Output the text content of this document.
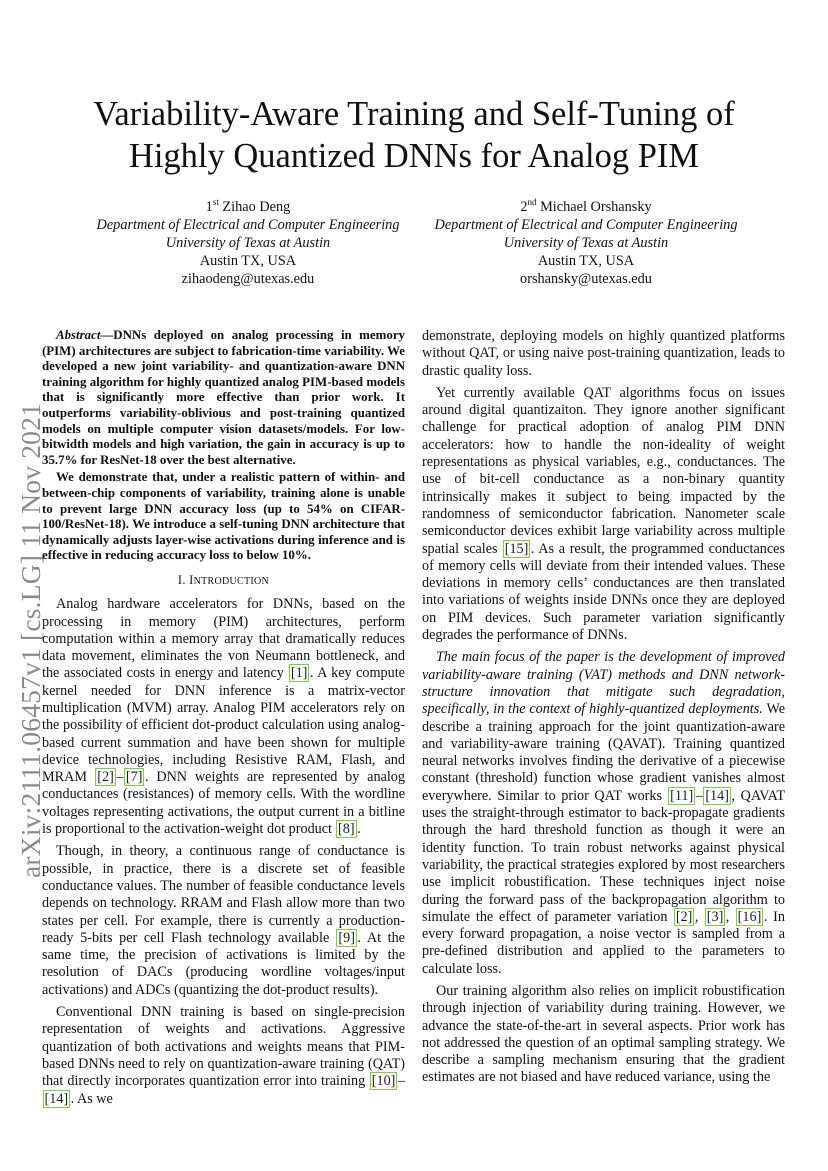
arXiv:2111.06457v1 [cs.LG] 11 Nov 2021
Variability-Aware Training and Self-Tuning of
Highly Quantized DNNs for Analog PIM
1st Zihao Deng
Department of Electrical and Computer Engineering
University of Texas at Austin
Austin TX, USA
zihaodeng@utexas.edu
2nd Michael Orshansky
Department of Electrical and Computer Engineering
University of Texas at Austin
Austin TX, USA
orshansky@utexas.edu

Abstract—DNNs deployed on analog processing in memory (PIM) architectures are subject to fabrication-time variability. We developed a new joint variability- and quantization-aware DNN training algorithm for highly quantized analog PIM-based models that is significantly more effective than prior work. It outperforms variability-oblivious and post-training quantized models on multiple computer vision datasets/models. For low-bitwidth models and high variation, the gain in accuracy is up to 35.7% for ResNet-18 over the best alternative.

We demonstrate that, under a realistic pattern of within- and between-chip components of variability, training alone is unable to prevent large DNN accuracy loss (up to 54% on CIFAR-100/ResNet-18). We introduce a self-tuning DNN architecture that dynamically adjusts layer-wise activations during inference and is effective in reducing accuracy loss to below 10%.

I. INTRODUCTION

Analog hardware accelerators for DNNs, based on the processing in memory (PIM) architectures, perform computation within a memory array that dramatically reduces data movement, eliminates the von Neumann bottleneck, and the associated costs in energy and latency [1] . A key compute kernel needed for DNN inference is a matrix-vector multiplication (MVM) array. Analog PIM accelerators rely on the possibility of efficient dot-product calculation using analog-based current summation and have been shown for multiple device technologies, including Resistive RAM, Flash, and MRAM [2] – [7] . DNN weights are represented by analog conductances (resistances) of memory cells. With the wordline voltages representing activations, the output current in a bitline is proportional to the activation-weight dot product [8] .

Though, in theory, a continuous range of conductance is possible, in practice, there is a discrete set of feasible conductance values. The number of feasible conductance levels depends on technology. RRAM and Flash allow more than two states per cell. For example, there is currently a production-ready 5-bits per cell Flash technology available [9] . At the same time, the precision of activations is limited by the resolution of DACs (producing wordline voltages/input activations) and ADCs (quantizing the dot-product results).

Conventional DNN training is based on single-precision representation of weights and activations. Aggressive quantization of both activations and weights means that PIM-based DNNs need to rely on quantization-aware training (QAT) that directly incorporates quantization error into training [10] –[14] . As we

demonstrate, deploying models on highly quantized platforms without QAT, or using naive post-training quantization, leads to drastic quality loss.

Yet currently available QAT algorithms focus on issues around digital quantizaiton. They ignore another significant challenge for practical adoption of analog PIM DNN accelerators: how to handle the non-ideality of weight representations as physical variables, e.g., conductances. The use of bit-cell conductance as a non-binary quantity intrinsically makes it subject to being impacted by the randomness of semiconductor fabrication. Nanometer scale semiconductor devices exhibit large variability across multiple spatial scales [15] . As a result, the programmed conductances of memory cells will deviate from their intended values. These deviations in memory cells’ conductances are then translated into variations of weights inside DNNs once they are deployed on PIM devices. Such parameter variation significantly degrades the performance of DNNs.

The main focus of the paper is the development of improved variability-aware training (VAT) methods and DNN network-structure innovation that mitigate such degradation, specifically, in the context of highly-quantized deployments. We describe a training approach for the joint quantization-aware and variability-aware training (QAVAT). Training quantized neural networks involves finding the derivative of a piecewise constant (threshold) function whose gradient vanishes almost everywhere. Similar to prior QAT works [11] – [14] , QAVAT uses the straight-through estimator to back-propagate gradients through the hard threshold function as though it were an identity function. To train robust networks against physical variability, the practical strategies explored by most researchers use implicit robustification. These techniques inject noise during the forward pass of the backpropagation algorithm to simulate the effect of parameter variation [2] , [3] , [16] . In every forward propagation, a noise vector is sampled from a pre-defined distribution and applied to the parameters to calculate loss.

Our training algorithm also relies on implicit robustification through injection of variability during training. However, we advance the state-of-the-art in several aspects. Prior work has not addressed the question of an optimal sampling strategy. We describe a sampling mechanism ensuring that the gradient estimates are not biased and have reduced variance, using the
